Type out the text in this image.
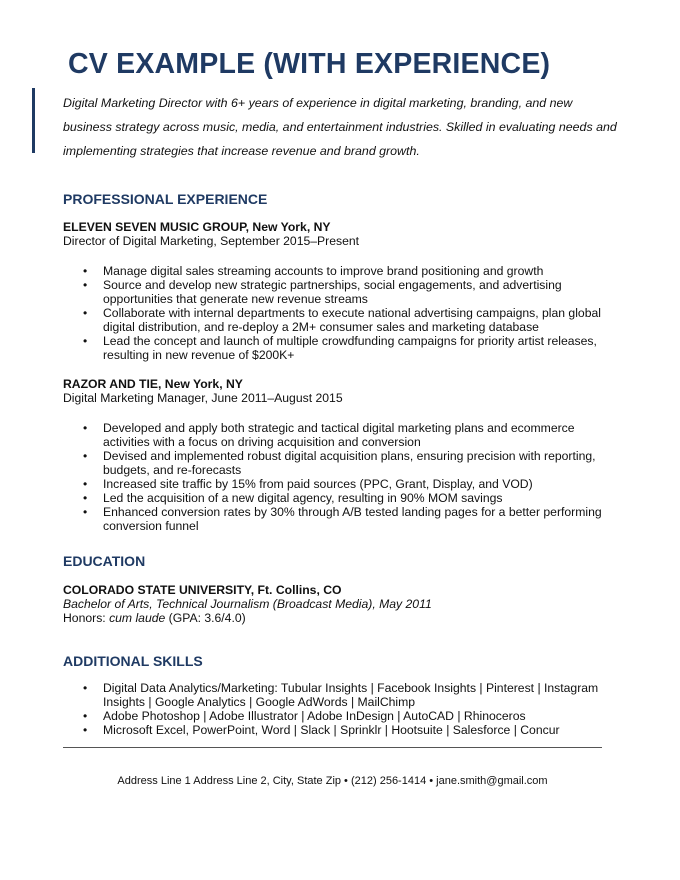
CV EXAMPLE (WITH EXPERIENCE)
Digital Marketing Director with 6+ years of experience in digital marketing, branding, and new
business strategy across music, media, and entertainment industries. Skilled in evaluating needs and
implementing strategies that increase revenue and brand growth.
PROFESSIONAL EXPERIENCE
ELEVEN SEVEN MUSIC GROUP, New York, NY
Director of Digital Marketing, September 2015–Present
• Manage digital sales streaming accounts to improve brand positioning and growth
• Source and develop new strategic partnerships, social engagements, and advertising
opportunities that generate new revenue streams
• Collaborate with internal departments to execute national advertising campaigns, plan global
digital distribution, and re-deploy a 2M+ consumer sales and marketing database
• Lead the concept and launch of multiple crowdfunding campaigns for priority artist releases,
resulting in new revenue of $200K+
RAZOR AND TIE, New York, NY
Digital Marketing Manager, June 2011–August 2015
• Developed and apply both strategic and tactical digital marketing plans and ecommerce
activities with a focus on driving acquisition and conversion
• Devised and implemented robust digital acquisition plans, ensuring precision with reporting,
budgets, and re-forecasts
• Increased site traffic by 15% from paid sources (PPC, Grant, Display, and VOD)
• Led the acquisition of a new digital agency, resulting in 90% MOM savings
• Enhanced conversion rates by 30% through A/B tested landing pages for a better performing
conversion funnel
EDUCATION
COLORADO STATE UNIVERSITY, Ft. Collins, CO
Bachelor of Arts, Technical Journalism (Broadcast Media), May 2011
Honors: cum laude (GPA: 3.6/4.0)
ADDITIONAL SKILLS
• Digital Data Analytics/Marketing: Tubular Insights | Facebook Insights | Pinterest | Instagram
Insights | Google Analytics | Google AdWords | MailChimp
• Adobe Photoshop | Adobe Illustrator | Adobe InDesign | AutoCAD | Rhinoceros
• Microsoft Excel, PowerPoint, Word | Slack | Sprinklr | Hootsuite | Salesforce | Concur
Address Line 1 Address Line 2, City, State Zip • (212) 256-1414 • jane.smith@gmail.com
